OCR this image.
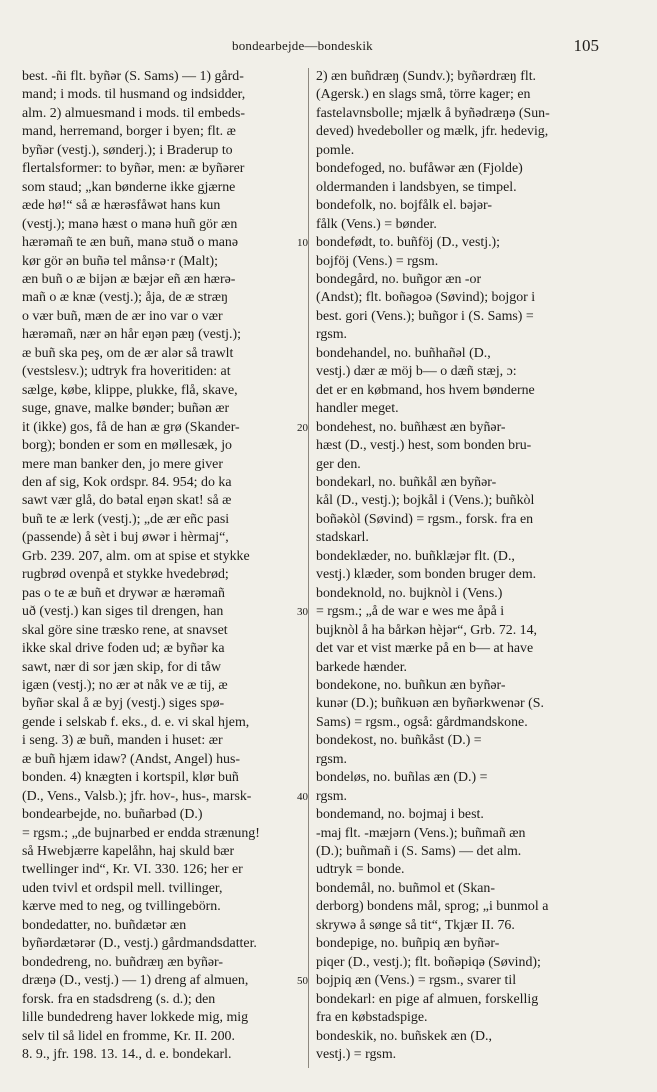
bondearbejde—bondeskik	105
best. -ñi flt. byñər (S. Sams) — 1) gård-
mand; i mods. til husmand og indsidder,
alm. 2) almuesmand i mods. til embeds-
mand, herremand, borger i byen; flt. æ
byñər (vestj.), sønderj.); i Braderup to
flertalsformer: to byñər, men: æ byñərer
som staud; „kan bønderne ikke gjærne
æde hø!“ så æ hærəsfåwət hans kun
(vestj.); manə hæst o manə huñ gör æn
hærəmañ te æn buñ, manə stuð o manə
kør gör ən buñə tel månsə·r (Malt);
æn buñ o æ bijən æ bæjər eñ æn hærə-
mañ o æ knæ (vestj.); åja, de æ stræŋ
o vær buñ, mæn de ær ino var o vær
hærəmañ, nær ən hår eŋən pæŋ (vestj.);
æ buñ ska peş, om de ær alər så trawlt
(vestslesv.); udtryk fra hoveritiden: at
sælge, købe, klippe, plukke, flå, skave,
suge, gnave, malke bønder; buñən ær
it (ikke) gos, få de han æ grø (Skander-
borg); bonden er som en møllesæk, jo
mere man banker den, jo mere giver
den af sig, Kok ordspr. 84. 954; do ka
sawt vær glå, do bətal eŋən skat! så æ
buñ te æ lerk (vestj.); „de ær eñc pasi
(passende) å sèt i buj øwər i hèrmaj“,
Grb. 239. 207, alm. om at spise et stykke
rugbrød ovenpå et stykke hvedebrød;
pas o te æ buñ et drywər æ hærəmañ
uð (vestj.) kan siges til drengen, han
skal göre sine træsko rene, at snavset
ikke skal drive foden ud; æ byñər ka
sawt, nær di sor jæn skip, for di tåw
igæn (vestj.); no ær ət nåk ve æ tij, æ
byñər skal å æ byj (vestj.) siges spø-
gende i selskab f. eks., d. e. vi skal hjem,
i seng. 3) æ buñ, manden i huset: ær
æ buñ hjæm idaw? (Andst, Angel) hus-
bonden. 4) knægten i kortspil, klør buñ
(D., Vens., Valsb.); jfr. hov-, hus-, marsk-
bondearbejde, no. buñarbəd (D.)
= rgsm.; „de bujnarbed er endda strænung!
så Hwebjærre kapelåhn, haj skuld bær
twellinger ind“, Kr. VI. 330. 126; her er
uden tvivl et ordspil mell. tvillinger,
kærve med to neg, og tvillingebörn.
bondedatter, no. buñdætər æn
byñərdætərər (D., vestj.) gårdmandsdatter.
bondedreng, no. buñdræŋ æn byñər-
dræŋə (D., vestj.) — 1) dreng af almuen,
forsk. fra en stadsdreng (s. d.); den
lille bundedreng haver lokkede mig, mig
selv til så lidel en fromme, Kr. II. 200.
8. 9., jfr. 198. 13. 14., d. e. bondekarl.
2) æn buñdræŋ (Sundv.); byñərdræŋ flt.
(Agersk.) en slags små, törre kager; en
fastelavnsbolle; mjælk å byñədræŋə (Sun-
deved) hvedeboller og mælk, jfr. hedevig,
pomle.
bondefoged, no. bufåwər æn (Fjolde)
oldermanden i landsbyen, se timpel.
bondefolk, no. bojfålk el. bəjər-
fålk (Vens.) = bønder.
bondefødt, to. buñföj (D., vestj.);
bojföj (Vens.) = rgsm.
bondegård, no. buñgor æn -or
(Andst); flt. boñəgoə (Søvind); bojgor i
best. gori (Vens.); buñgor i (S. Sams) =
rgsm.
bondehandel, no. buñhañəl (D.,
vestj.) dær æ möj b— o dæñ stæj, ɔ:
det er en købmand, hos hvem bønderne
handler meget.
bondehest, no. buñhæst æn byñər-
hæst (D., vestj.) hest, som bonden bru-
ger den.
bondekarl, no. buñkål æn byñər-
kål (D., vestj.); bojkål i (Vens.); buñkòl
boñəkòl (Søvind) = rgsm., forsk. fra en
stadskarl.
bondeklæder, no. buñklæjər flt. (D.,
vestj.) klæder, som bonden bruger dem.
bondeknold, no. bujknòl i (Vens.)
= rgsm.; „å de war e wes me åpå i
bujknòl å ha bårkən hèjər“, Grb. 72. 14,
det var et vist mærke på en b— at have
barkede hænder.
bondekone, no. buñkun æn byñər-
kunər (D.); buñkuən æn byñərkwenər (S.
Sams) = rgsm., også: gårdmandskone.
bondekost, no. buñkåst (D.) =
rgsm.
bondeløs, no. buñlas æn (D.) =
rgsm.
bondemand, no. bojmaj i best.
-maj flt. -mæjərn (Vens.); buñmañ æn
(D.); buñmañ i (S. Sams) — det alm.
udtryk = bonde.
bondemål, no. buñmol et (Skan-
derborg) bondens mål, sprog; „i bunmol a
skrywə å sønge så tit“, Tkjær II. 76.
bondepige, no. buñpiq æn byñər-
piqer (D., vestj.); flt. boñəpiqə (Søvind);
bojpiq æn (Vens.) = rgsm., svarer til
bondekarl: en pige af almuen, forskellig
fra en købstadspige.
bondeskik, no. buñskek æn (D.,
vestj.) = rgsm.
10
20
30
40
50
